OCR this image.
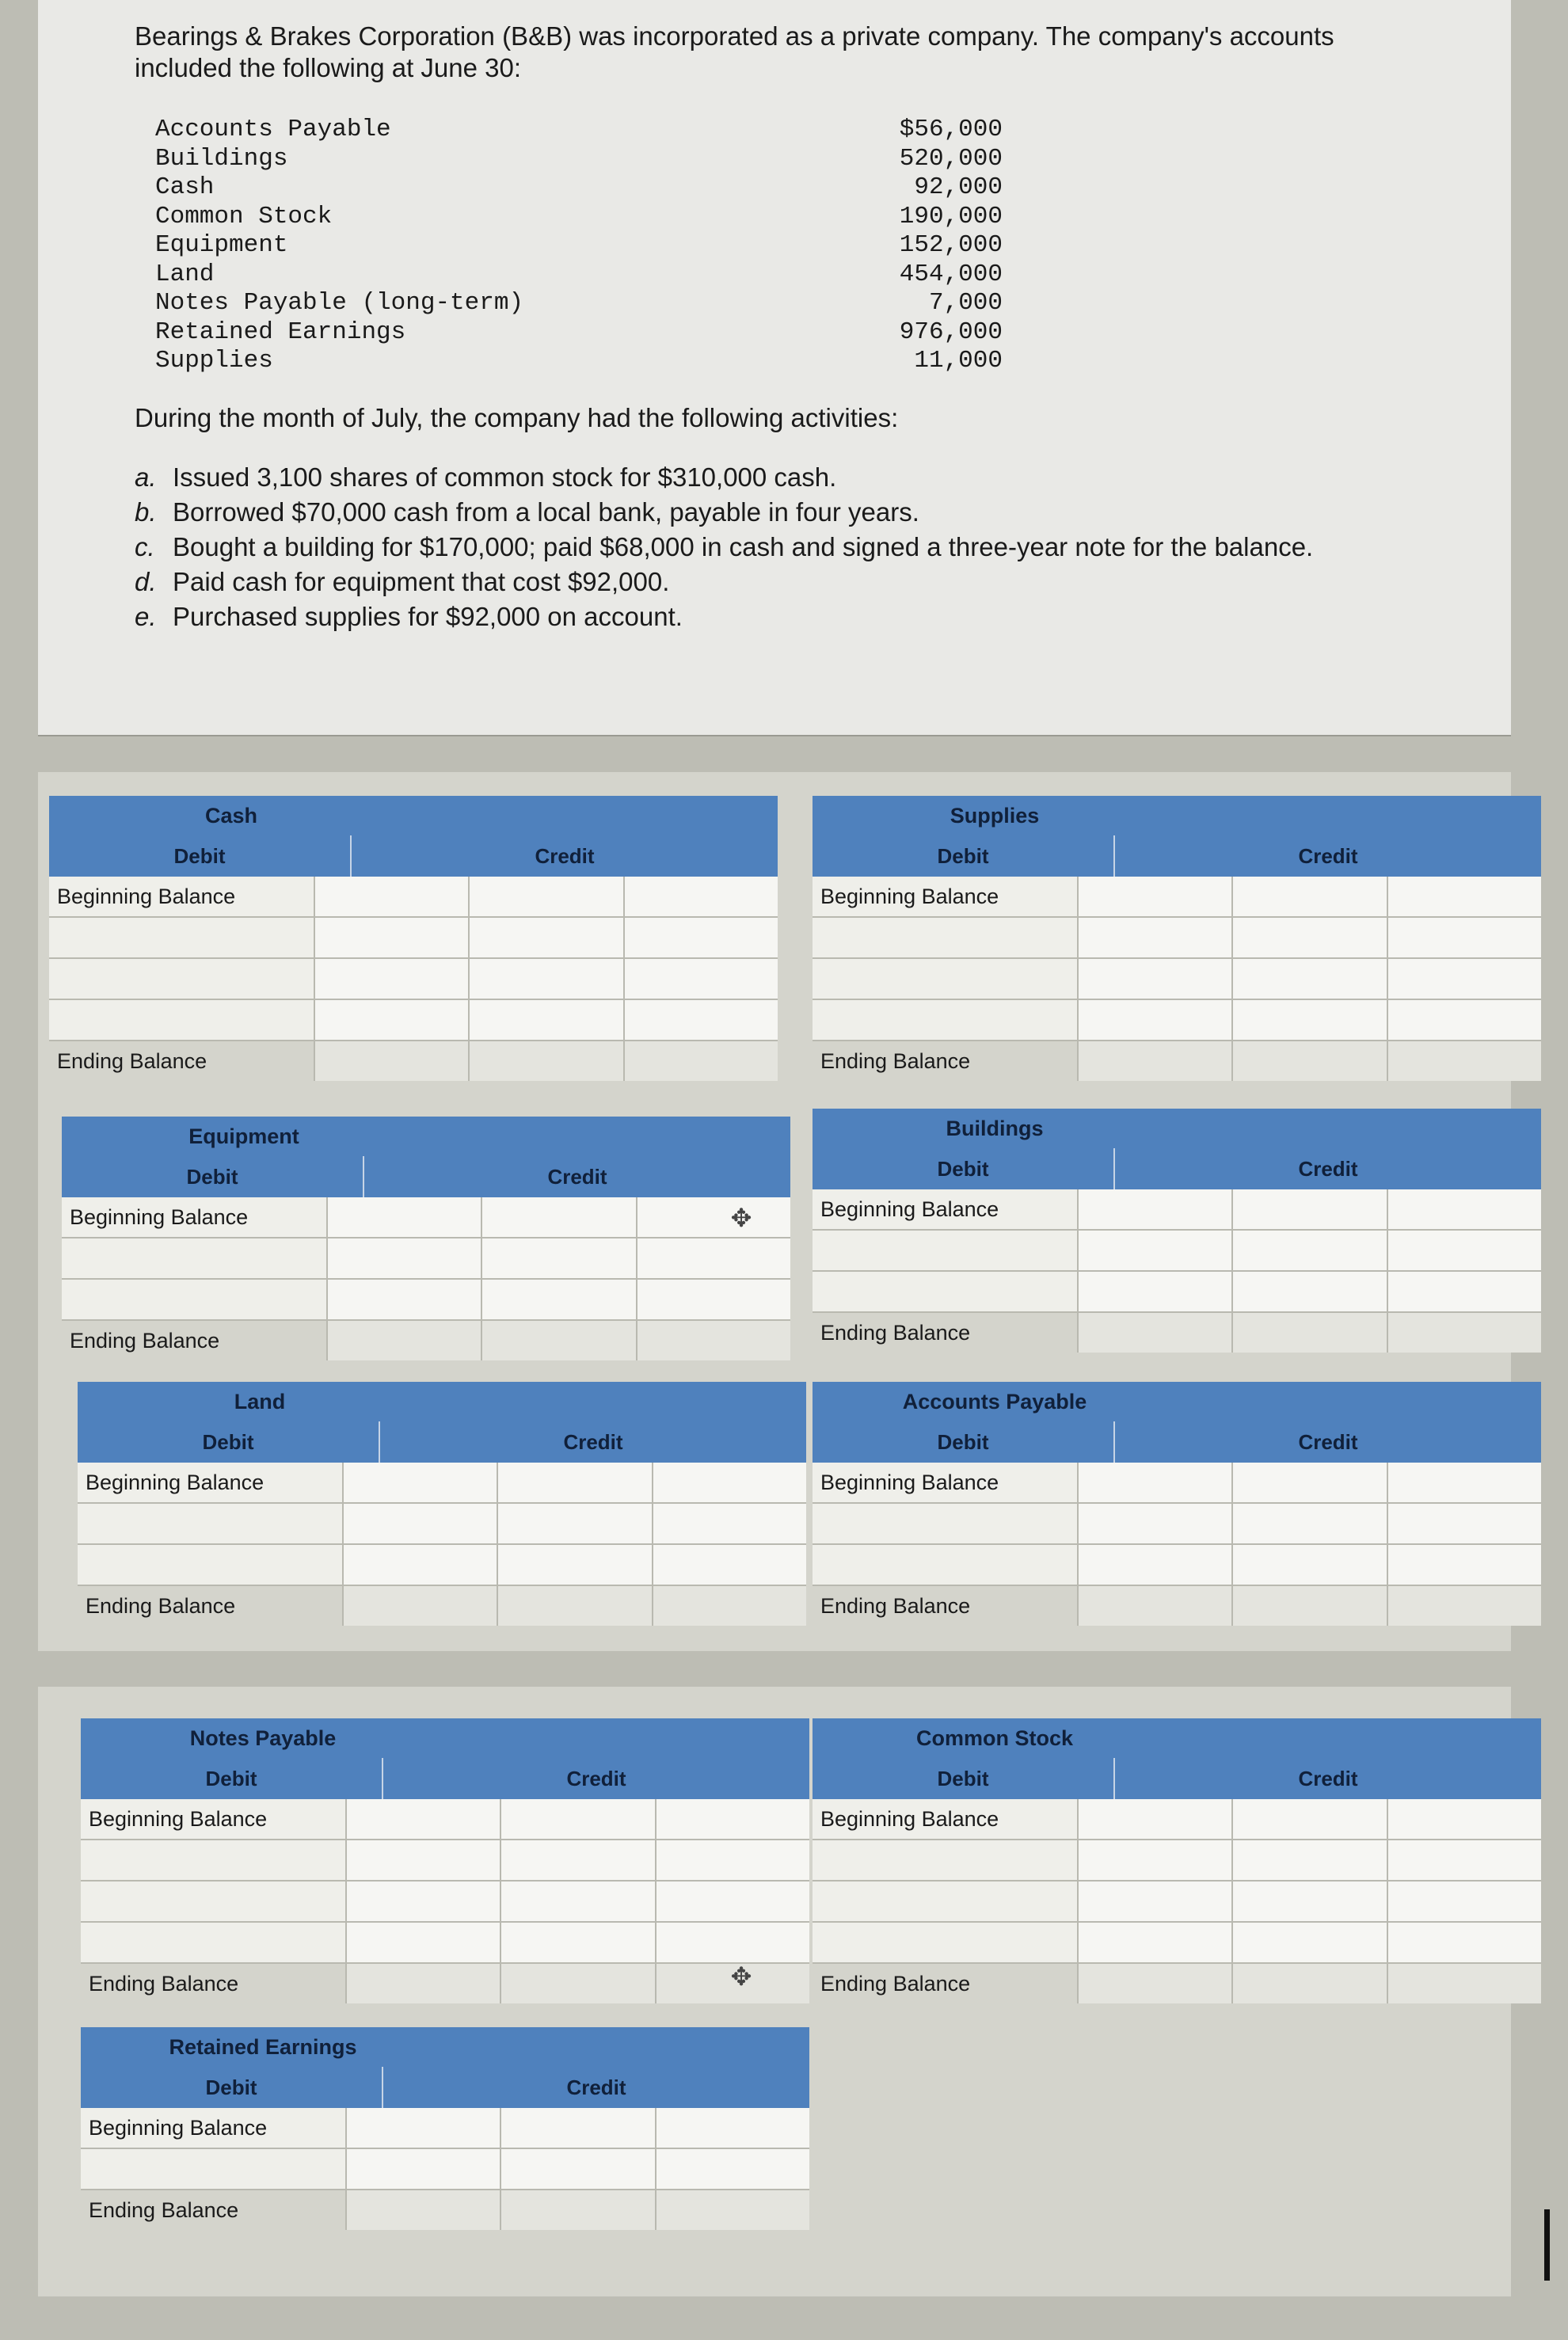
Bearings & Brakes Corporation (B&B) was incorporated as a private company. The company's accounts

included the following at June 30:

Accounts Payable	$56,000
Buildings	520,000
Cash	92,000
Common Stock	190,000
Equipment	152,000
Land	454,000
Notes Payable (long-term)	7,000
Retained Earnings	976,000
Supplies	11,000

During the month of July, the company had the following activities:

a. Issued 3,100 shares of common stock for $310,000 cash.
b. Borrowed $70,000 cash from a local bank, payable in four years.
c. Bought a building for $170,000; paid $68,000 in cash and signed a three-year note for the balance.
d. Paid cash for equipment that cost $92,000.
e. Purchased supplies for $92,000 on account.
Cash
Debit	Credit
Beginning Balance
Ending Balance
Supplies
Debit	Credit
Beginning Balance
Ending Balance
Equipment
Debit	Credit
Beginning Balance
Ending Balance
Buildings
Debit	Credit
Beginning Balance
Ending Balance
Land
Debit	Credit
Beginning Balance
Ending Balance
Accounts Payable
Debit	Credit
Beginning Balance
Ending Balance
Notes Payable
Debit	Credit
Beginning Balance
Ending Balance
Common Stock
Debit	Credit
Beginning Balance
Ending Balance
Retained Earnings
Debit	Credit
Beginning Balance
Ending Balance
✥
✥
